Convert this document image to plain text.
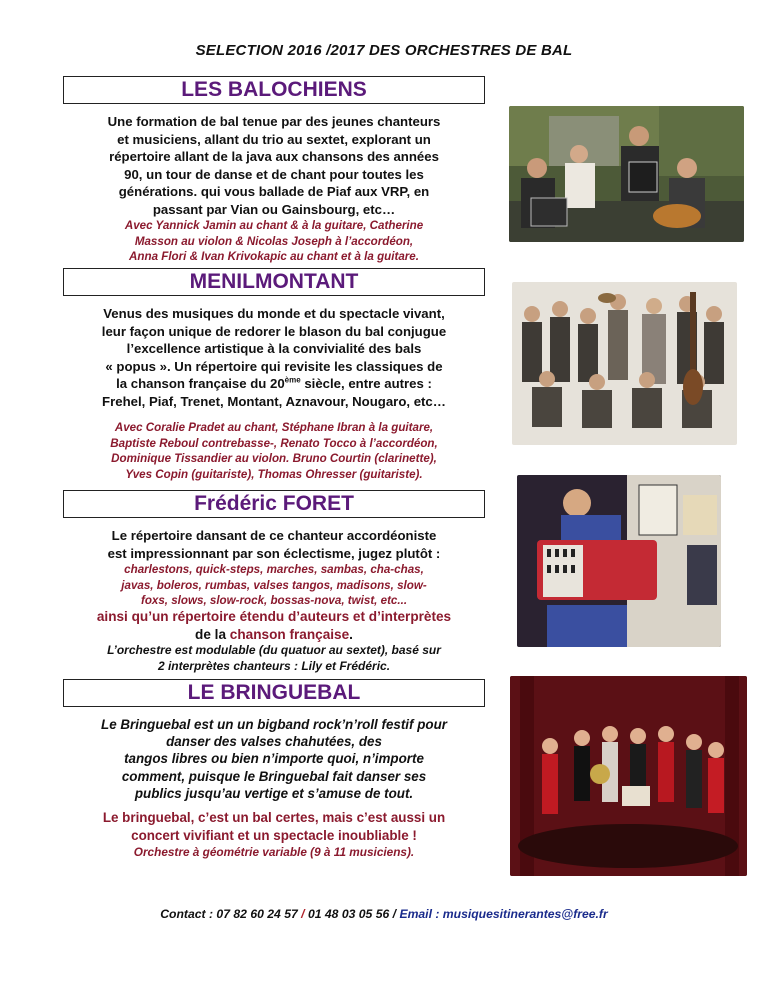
SELECTION 2016 /2017 DES ORCHESTRES DE BAL
LES BALOCHIENS
Une formation de bal tenue par des jeunes chanteurs
et musiciens, allant du trio au sextet, explorant un
répertoire allant de la java aux chansons des années
90, un tour de danse et de chant pour toutes les
générations. qui vous ballade de Piaf aux VRP, en
passant par Vian ou Gainsbourg, etc…
Avec Yannick Jamin au chant & à la guitare, Catherine
Masson au violon & Nicolas Joseph à l’accordéon,
Anna Flori & Ivan Krivokapic au chant et à la guitare.
MENILMONTANT
Venus des musiques du monde et du spectacle vivant,
leur façon unique de redorer le blason du bal conjugue
l’excellence artistique à la convivialité des bals
« popus ». Un répertoire qui revisite les classiques de
la chanson française du 20ème siècle, entre autres :
Frehel, Piaf, Trenet, Montant, Aznavour, Nougaro, etc…
Avec Coralie Pradet au chant, Stéphane Ibran à la guitare,
Baptiste Reboul contrebasse-, Renato Tocco à l’accordéon,
Dominique Tissandier au violon. Bruno Courtin (clarinette),
Yves Copin (guitariste), Thomas Ohresser (guitariste).
Frédéric FORET
Le répertoire dansant de ce chanteur accordéoniste
est impressionnant par son éclectisme, jugez plutôt :
charlestons, quick-steps, marches, sambas, cha-chas,
javas, boleros, rumbas, valses tangos, madisons, slow-
foxs, slows, slow-rock, bossas-nova, twist, etc...
ainsi qu’un répertoire étendu d’auteurs et d’interprètes
de la chanson française.
L’orchestre est modulable (du quatuor au sextet), basé sur
2 interprètes chanteurs : Lily et Frédéric.
LE BRINGUEBAL
Le Bringuebal est un un bigband rock’n’roll festif pour
danser des valses chahutées, des
tangos libres ou bien n’importe quoi, n’importe
comment, puisque le Bringuebal fait danser ses
publics jusqu’au vertige et s’amuse de tout.
Le bringuebal, c’est un bal certes, mais c’est aussi un
concert vivifiant et un spectacle inoubliable !
Orchestre à géométrie variable (9 à 11 musiciens).
Contact : 07 82 60 24 57 / 01 48 03 05 56 / Email : musiquesitinerantes@free.fr
